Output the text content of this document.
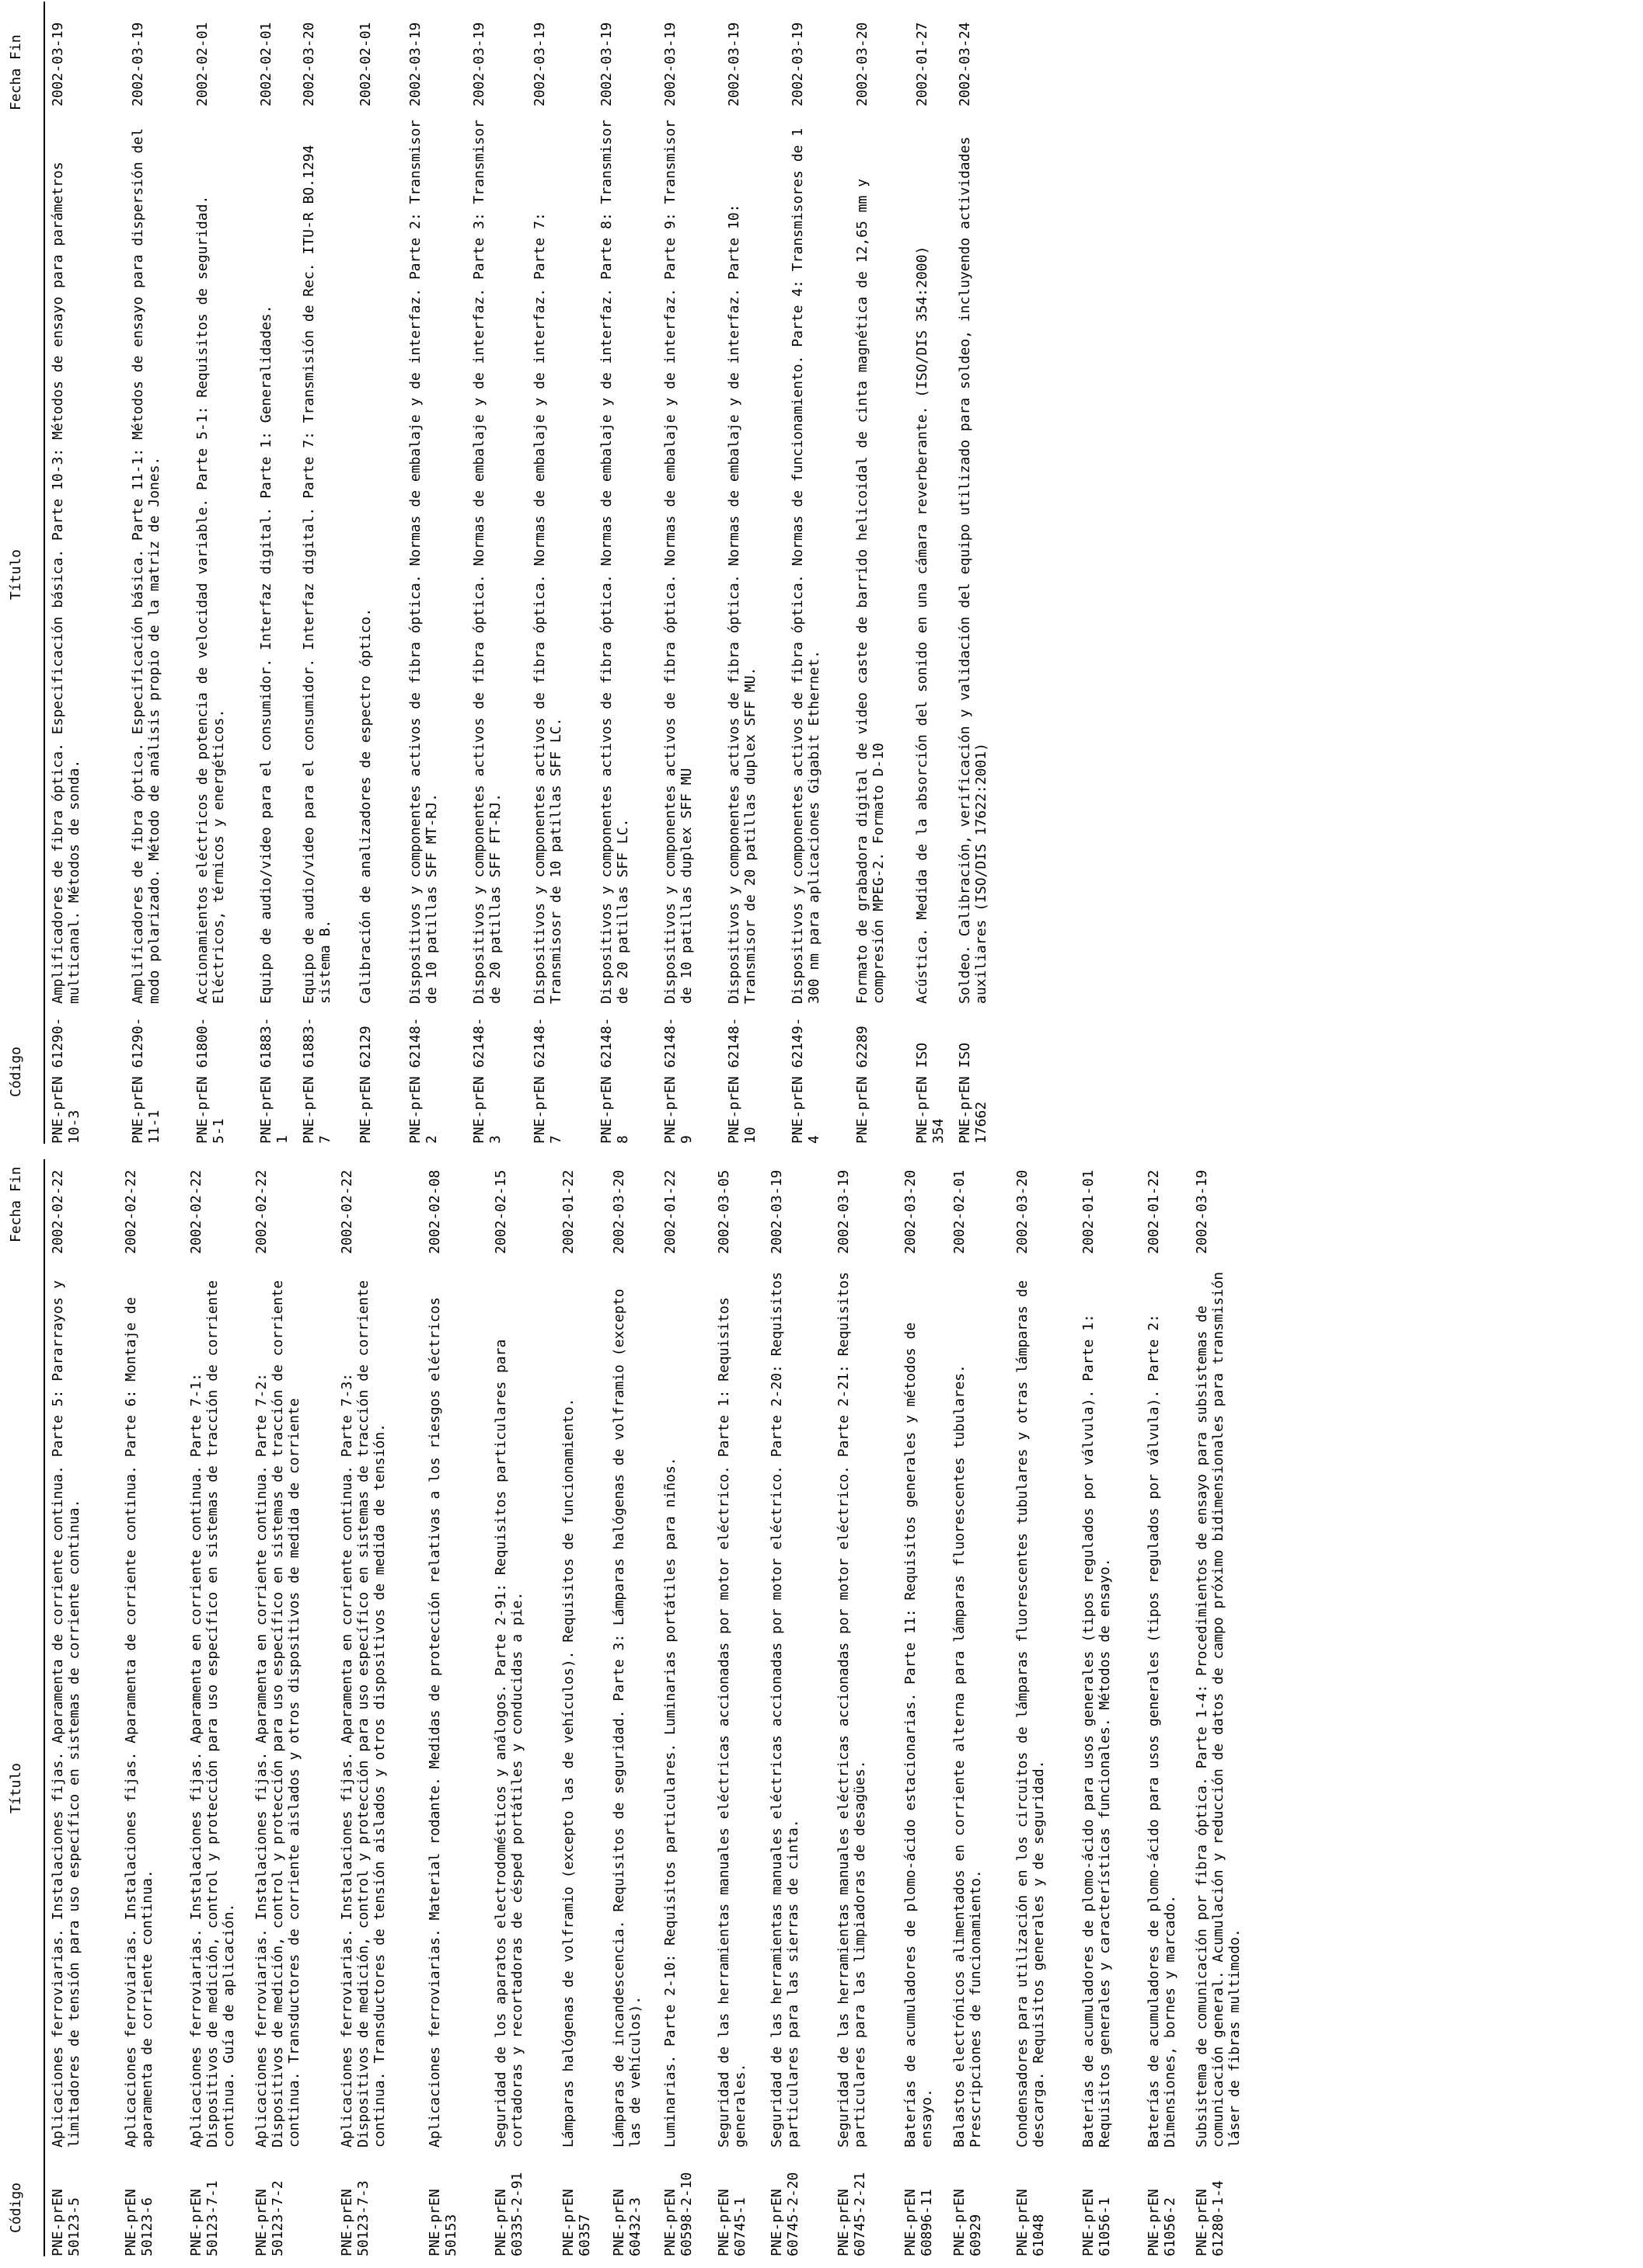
Código
Título
Fecha Fin
PNE-prEN 50123-5
Aplicaciones ferroviarias. Instalaciones fijas. Aparamenta de corriente continua. Parte 5: Pararrayos y limitadores de tensión para uso específico en sistemas de corriente continua.
2002-02-22
PNE-prEN 50123-6
Aplicaciones ferroviarias. Instalaciones fijas. Aparamenta de corriente continua. Parte 6: Montaje de aparamenta de corriente continua.
2002-02-22
PNE-prEN 50123-7-1
Aplicaciones ferroviarias. Instalaciones fijas. Aparamenta en corriente continua. Parte 7-1: Dispositivos de medición, control y protección para uso específico en sistemas de tracción de corriente continua. Guía de aplicación.
2002-02-22
PNE-prEN 50123-7-2
Aplicaciones ferroviarias. Instalaciones fijas. Aparamenta en corriente continua. Parte 7-2: Dispositivos de medición, control y protección para uso específico en sistemas de tracción de corriente continua. Transductores de corriente aislados y otros dispositivos de medida de corriente
2002-02-22
PNE-prEN 50123-7-3
Aplicaciones ferroviarias. Instalaciones fijas. Aparamenta en corriente continua. Parte 7-3: Dispositivos de medición, control y protección para uso específico en sistemas de tracción de corriente continua. Transductores de tensión aislados y otros dispositivos de medida de tensión.
2002-02-22
PNE-prEN 50153
Aplicaciones ferroviarias. Material rodante. Medidas de protección relativas a los riesgos eléctricos
2002-02-08
PNE-prEN 60335-2-91
Seguridad de los aparatos electrodomésticos y análogos. Parte 2-91: Requisitos particulares para cortadoras y recortadoras de césped portátiles y conducidas a pie.
2002-02-15
PNE-prEN 60357
Lámparas halógenas de volframio (excepto las de vehículos). Requisitos de funcionamiento.
2002-01-22
PNE-prEN 60432-3
Lámparas de incandescencia. Requisitos de seguridad. Parte 3: Lámparas halógenas de volframio (excepto las de vehículos).
2002-03-20
PNE-prEN 60598-2-10
Luminarias. Parte 2-10: Requisitos particulares. Luminarias portátiles para niños.
2002-01-22
PNE-prEN 60745-1
Seguridad de las herramientas manuales eléctricas accionadas por motor eléctrico. Parte 1: Requisitos generales.
2002-03-05
PNE-prEN 60745-2-20
Seguridad de las herramientas manuales eléctricas accionadas por motor eléctrico. Parte 2-20: Requisitos particulares para las sierras de cinta.
2002-03-19
PNE-prEN 60745-2-21
Seguridad de las herramientas manuales eléctricas accionadas por motor eléctrico. Parte 2-21: Requisitos particulares para las limpiadoras de desagües.
2002-03-19
PNE-prEN 60896-11
Baterías de acumuladores de plomo-ácido estacionarias. Parte 11: Requisitos generales y métodos de ensayo.
2002-03-20
PNE-prEN 60929
Balastos electrónicos alimentados en corriente alterna para lámparas fluorescentes tubulares. Prescripciones de funcionamiento.
2002-02-01
PNE-prEN 61048
Condensadores para utilización en los circuitos de lámparas fluorescentes tubulares y otras lámparas de descarga. Requisitos generales y de seguridad.
2002-03-20
PNE-prEN 61056-1
Baterías de acumuladores de plomo-ácido para usos generales (tipos regulados por válvula). Parte 1: Requisitos generales y características funcionales. Métodos de ensayo.
2002-01-01
PNE-prEN 61056-2
Baterías de acumuladores de plomo-ácido para usos generales (tipos regulados por válvula). Parte 2: Dimensiones, bornes y marcado.
2002-01-22
PNE-prEN 61280-1-4
Subsistema de comunicación por fibra óptica. Parte 1-4: Procedimientos de ensayo para subsistemas de comunicación general. Acumulación y reducción de datos de campo próximo bidimensionales para transmisión láser de fibras multimodo.
2002-03-19
Código
Título
Fecha Fin
PNE-prEN 61290-10-3
Amplificadores de fibra óptica. Especificación básica. Parte 10-3: Métodos de ensayo para parámetros multicanal. Métodos de sonda.
2002-03-19
PNE-prEN 61290-11-1
Amplificadores de fibra óptica. Especificación básica. Parte 11-1: Métodos de ensayo para dispersión del modo polarizado. Método de análisis propio de la matriz de Jones.
2002-03-19
PNE-prEN 61800-5-1
Accionamientos eléctricos de potencia de velocidad variable. Parte 5-1: Requisitos de seguridad. Eléctricos, térmicos y energéticos.
2002-02-01
PNE-prEN 61883-1
Equipo de audio/video para el consumidor. Interfaz digital. Parte 1: Generalidades.
2002-02-01
PNE-prEN 61883-7
Equipo de audio/video para el consumidor. Interfaz digital. Parte 7: Transmisión de Rec. ITU-R BO.1294 sistema B.
2002-03-20
PNE-prEN 62129
Calibración de analizadores de espectro óptico.
2002-02-01
PNE-prEN 62148-2
Dispositivos y componentes activos de fibra óptica. Normas de embalaje y de interfaz. Parte 2: Transmisor de 10 patillas SFF MT-RJ.
2002-03-19
PNE-prEN 62148-3
Dispositivos y componentes activos de fibra óptica. Normas de embalaje y de interfaz. Parte 3: Transmisor de 20 patillas SFF FT-RJ.
2002-03-19
PNE-prEN 62148-7
Dispositivos y componentes activos de fibra óptica. Normas de embalaje y de interfaz. Parte 7: Transmisosr de 10 patillas SFF LC.
2002-03-19
PNE-prEN 62148-8
Dispositivos y componentes activos de fibra óptica. Normas de embalaje y de interfaz. Parte 8: Transmisor de 20 patillas SFF LC.
2002-03-19
PNE-prEN 62148-9
Dispositivos y componentes activos de fibra óptica. Normas de embalaje y de interfaz. Parte 9: Transmisor de 10 patillas duplex SFF MU
2002-03-19
PNE-prEN 62148-10
Dispositivos y componentes activos de fibra óptica. Normas de embalaje y de interfaz. Parte 10: Transmisor de 20 patillas duplex SFF MU.
2002-03-19
PNE-prEN 62149-4
Dispositivos y componentes activos de fibra óptica. Normas de funcionamiento. Parte 4: Transmisores de 1 300 nm para aplicaciones Gigabit Ethernet.
2002-03-19
PNE-prEN 62289
Formato de grabadora digital de video caste de barrido helicoidal de cinta magnética de 12,65 mm y compresión MPEG-2. Formato D-10
2002-03-20
PNE-prEN ISO 354
Acústica. Medida de la absorción del sonido en una cámara reverberante. (ISO/DIS 354:2000)
2002-01-27
PNE-prEN ISO 17662
Soldeo. Calibración, verificación y validación del equipo utilizado para soldeo, incluyendo actividades auxiliares (ISO/DIS 17622:2001)
2002-03-24
